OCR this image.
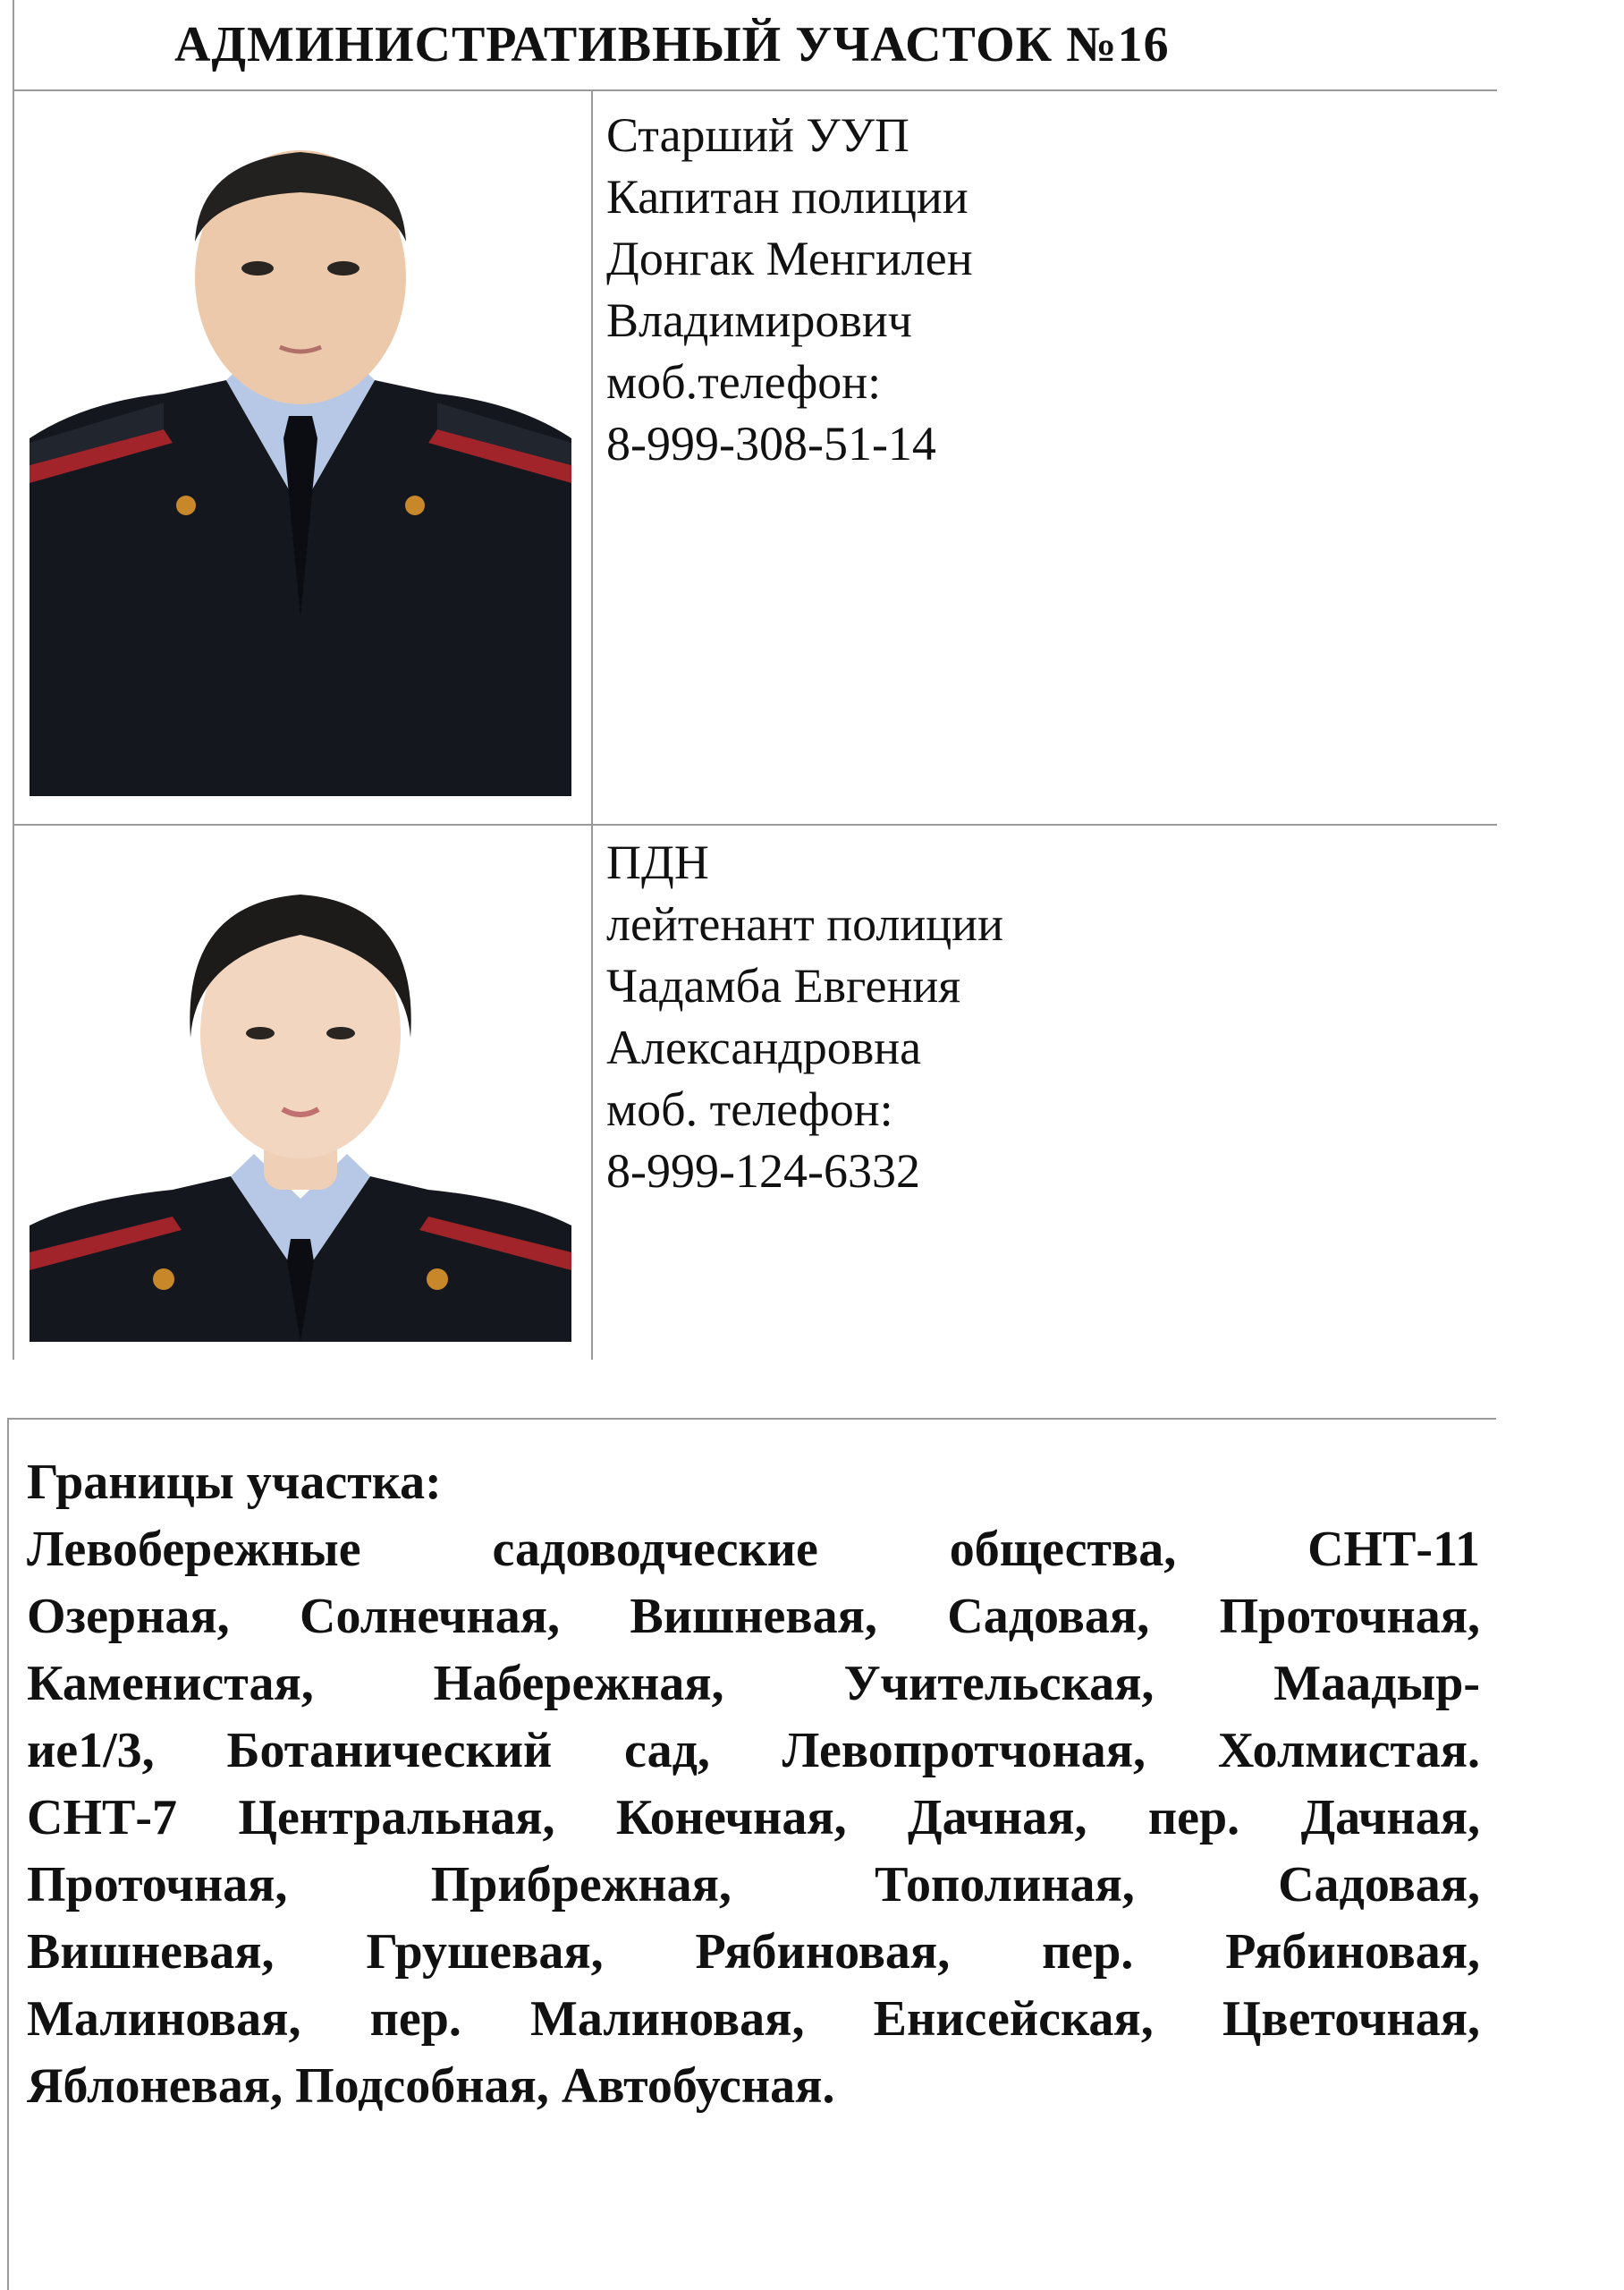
АДМИНИСТРАТИВНЫЙ УЧАСТОК №16
Старший УУП
Капитан полиции
Донгак Менгилен
Владимирович
моб.телефон:
8-999-308-51-14
ПДН
лейтенант полиции
Чадамба Евгения
Александровна
моб. телефон:
8-999-124-6332
Границы участка:
Левобережные садоводческие общества, СНТ-11
Озерная, Солнечная, Вишневая, Садовая, Проточная,
Каменистая, Набережная, Учительская, Маадыр-
ие1/3, Ботанический сад, Левопротчоная, Холмистая.
СНТ-7 Центральная, Конечная, Дачная, пер. Дачная,
Проточная, Прибрежная, Тополиная, Садовая,
Вишневая, Грушевая, Рябиновая, пер. Рябиновая,
Малиновая, пер. Малиновая, Енисейская, Цветочная,
Яблоневая, Подсобная, Автобусная.
